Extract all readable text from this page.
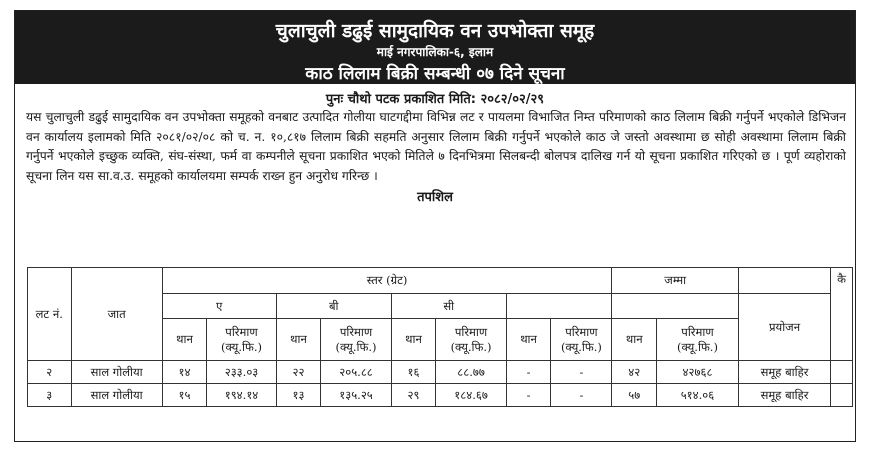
चुलाचुली डढुई सामुदायिक वन उपभोक्ता समूह
माई नगरपालिका-६, इलाम
काठ लिलाम बिक्री सम्बन्धी ०७ दिने सूचना
पुनः चौथो पटक प्रकाशित मिति: २०८२/०२/२९
यस चुलाचुली डढुई सामुदायिक वन उपभोक्ता समूहको वनबाट उत्पादित गोलीया घाटगद्दीमा विभिन्न लट र पायलमा विभाजित निम्त परिमाणको काठ लिलाम बिक्री गर्नुपर्ने भएकोले डिभिजन वन कार्यालय इलामको मिति २०८१/०२/०८ को च. न. १०,८१७ लिलाम बिक्री सहमति अनुसार लिलाम बिक्री गर्नुपर्ने भएकोले काठ जे जस्तो अवस्थामा छ सोही अवस्थामा लिलाम बिक्री गर्नुपर्ने भएकोले इच्छुक व्यक्ति, संघ-संस्था, फर्म वा कम्पनीले सूचना प्रकाशित भएको मितिले ७ दिनभित्रमा सिलबन्दी बोलपत्र दालिख गर्न यो सूचना प्रकाशित गरिएको छ । पूर्ण व्यहोराको सूचना लिन यस सा.व.उ. समूहको कार्यालयमा सम्पर्क राख्न हुन अनुरोध गरिन्छ ।
तपशिल
लट नं.	जात	स्तर (ग्रेट)								जम्मा			कै
		ए		बी		सी						प्रयोजन	
		थान	परिमाण (क्यू.फि.)	थान	परिमाण (क्यू.फि.)	थान	परिमाण (क्यू.फि.)	थान	परिमाण (क्यू.फि.)	थान	परिमाण (क्यू.फि.)		
२	साल गोलीया	१४	२३३.०३	२२	२०५.८८	१६	८८.७७	-	-	४२	४२७६८	समूह बाहिर	
३	साल गोलीया	१५	१९४.१४	१३	१३५.२५	२९	१८४.६७	-	-	५७	५१४.०६	समूह बाहिर	
